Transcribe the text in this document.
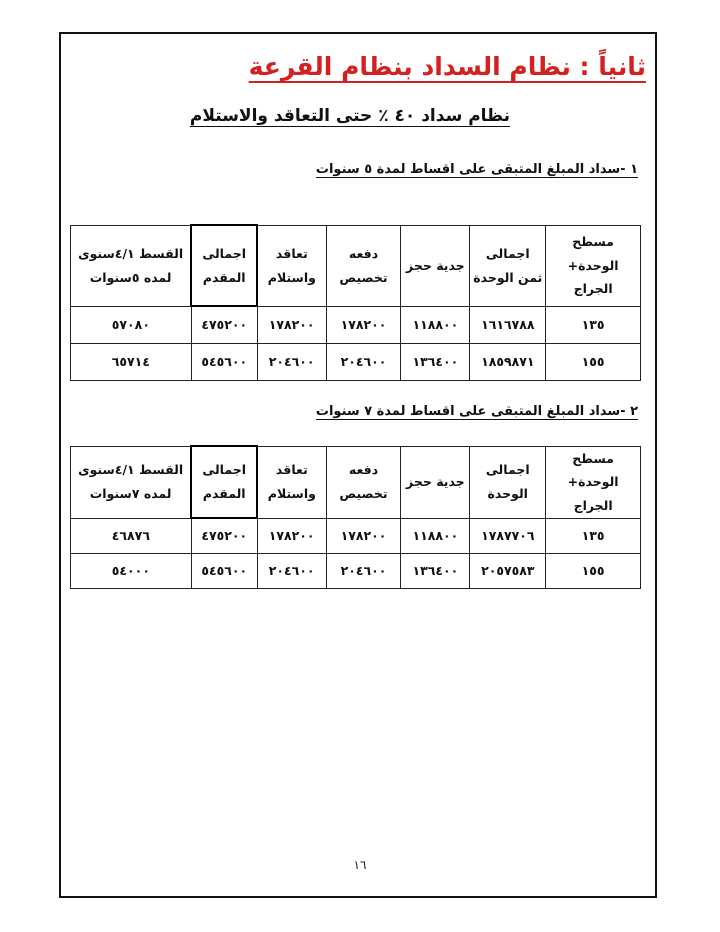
ثانياً : نظام السداد بنظام القرعة
نظام سداد ٤٠ ٪ حتى التعاقد والاستلام
١ -سداد المبلغ المتبقى على اقساط لمدة ٥ سنوات
مسطح الوحدة+ الجراج	اجمالى ثمن الوحدة	جدية حجز	دفعه تخصيص	تعاقد واستلام	اجمالى المقدم	القسط ٤/١سنوى لمده ٥سنوات
١٣٥	١٦١٦٧٨٨	١١٨٨٠٠	١٧٨٢٠٠	١٧٨٢٠٠	٤٧٥٢٠٠	٥٧٠٨٠
١٥٥	١٨٥٩٨٧١	١٣٦٤٠٠	٢٠٤٦٠٠	٢٠٤٦٠٠	٥٤٥٦٠٠	٦٥٧١٤
٢ -سداد المبلغ المتبقى على اقساط لمدة ٧ سنوات
مسطح الوحدة+ الجراج	اجمالى الوحدة	جدية حجز	دفعه تخصيص	تعاقد واستلام	اجمالى المقدم	القسط ٤/١سنوى لمده ٧سنوات
١٣٥	١٧٨٧٧٠٦	١١٨٨٠٠	١٧٨٢٠٠	١٧٨٢٠٠	٤٧٥٢٠٠	٤٦٨٧٦
١٥٥	٢٠٥٧٥٨٣	١٣٦٤٠٠	٢٠٤٦٠٠	٢٠٤٦٠٠	٥٤٥٦٠٠	٥٤٠٠٠
١٦
